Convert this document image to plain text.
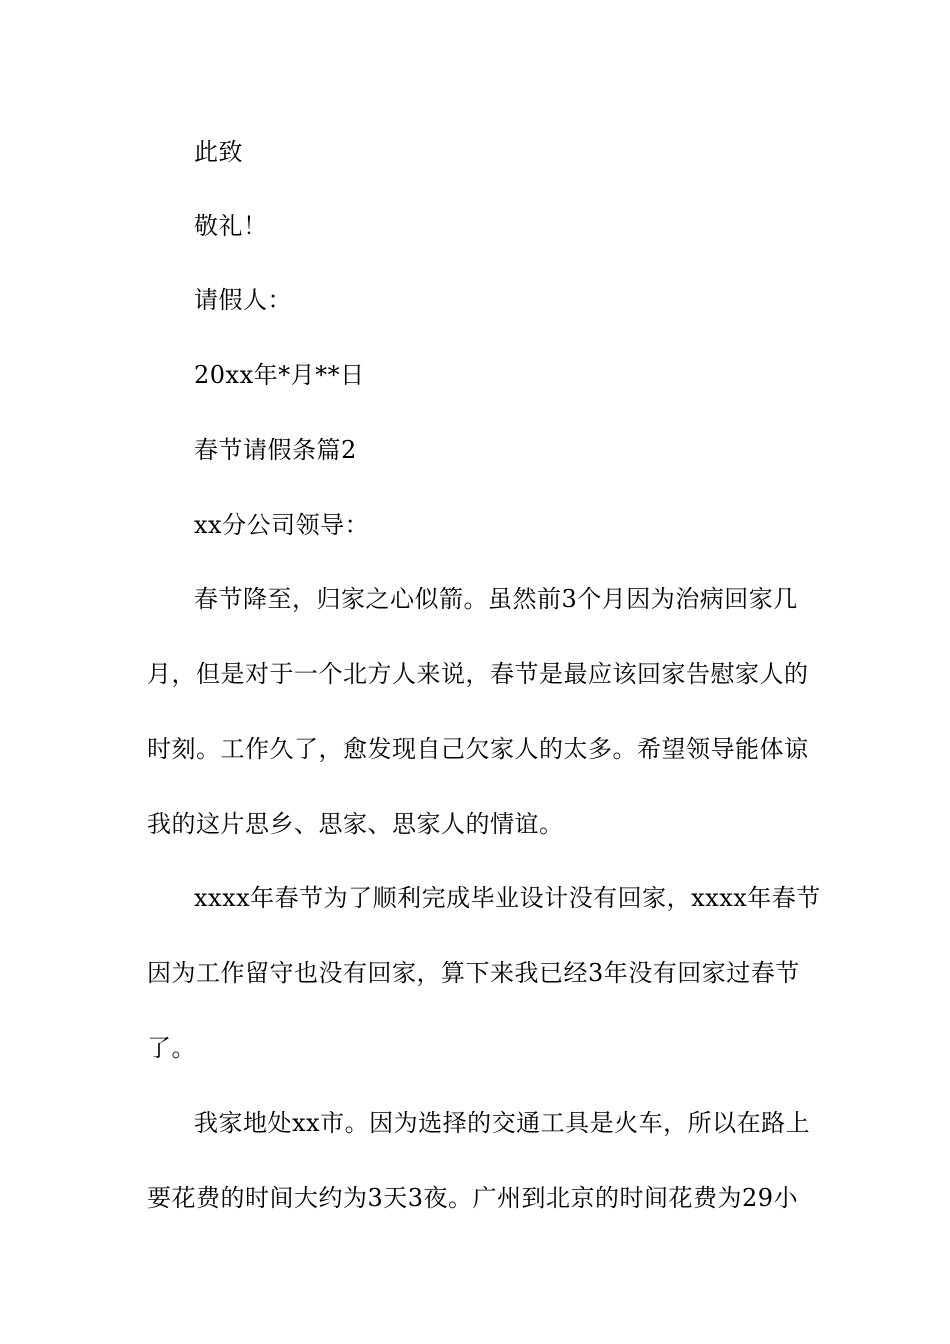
此致
敬礼！
请假人：
20xx年*月**日
春节请假条篇2
xx分公司领导：
春节降至，归家之心似箭。虽然前3个月因为治病回家几
月，但是对于一个北方人来说，春节是最应该回家告慰家人的
时刻。工作久了，愈发现自己欠家人的太多。希望领导能体谅
我的这片思乡、思家、思家人的情谊。
xxxx年春节为了顺利完成毕业设计没有回家，xxxx年春节
因为工作留守也没有回家，算下来我已经3年没有回家过春节
了。
我家地处xx市。因为选择的交通工具是火车，所以在路上
要花费的时间大约为3天3夜。广州到北京的时间花费为29小
